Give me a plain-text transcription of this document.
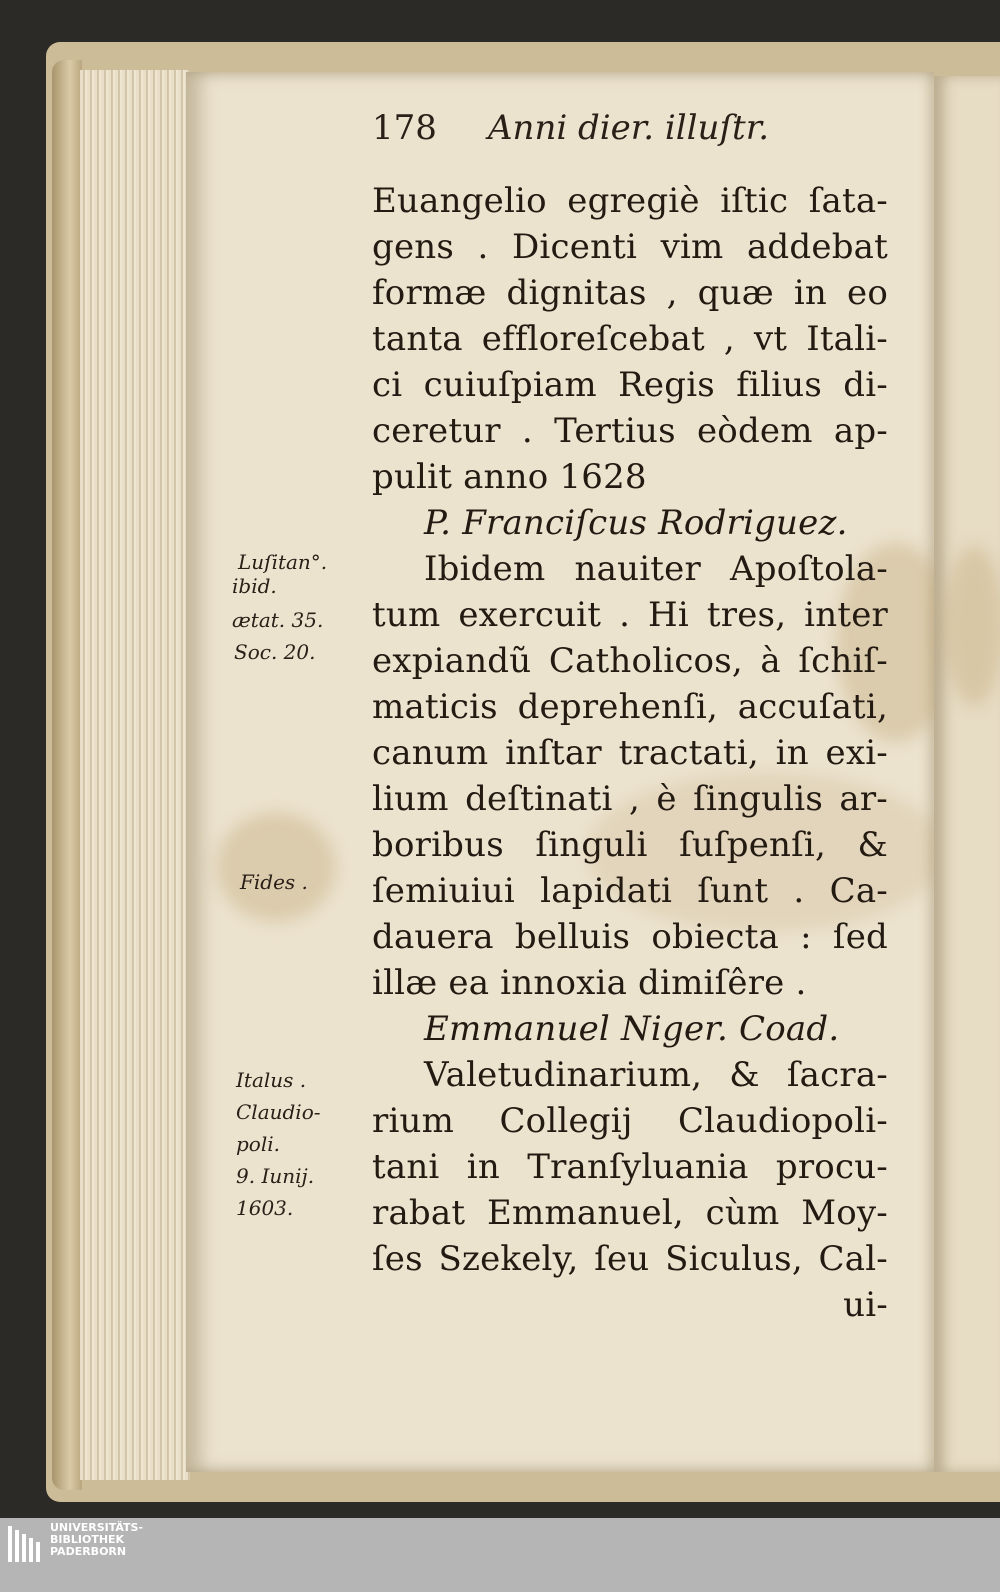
178 Anni dier. illuſtr.
Euangelio egregiè iſtic ſata-
gens . Dicenti vim addebat
formæ dignitas , quæ in eo
tanta effloreſcebat , vt Itali-
ci cuiuſpiam Regis filius di-
ceretur . Tertius eòdem ap-
pulit anno 1628
P. Franciſcus Rodriguez.
Ibidem nauiter Apoſtola-
tum exercuit . Hi tres, inter
expiandũ Catholicos, à ſchiſ-
maticis deprehenſi, accuſati,
canum inſtar tractati, in exi-
lium deſtinati , è ſingulis ar-
boribus ſinguli ſuſpenſi, &
ſemiuiui lapidati ſunt . Ca-
dauera belluis obiecta : ſed
illæ ea innoxia dimiſêre .
Emmanuel Niger. Coad.
Valetudinarium, & ſacra-
rium Collegij Claudiopoli-
tani in Tranſyluania procu-
rabat Emmanuel, cùm Moy-
ſes Szekely, ſeu Siculus, Cal-
ui-
Luſitan°.
ibid.
ætat. 35.
Soc. 20.
Fides .
Italus .
Claudio-
poli.
9. Iunij.
1603.
UNIVERSITÄTS-
BIBLIOTHEK
PADERBORN
